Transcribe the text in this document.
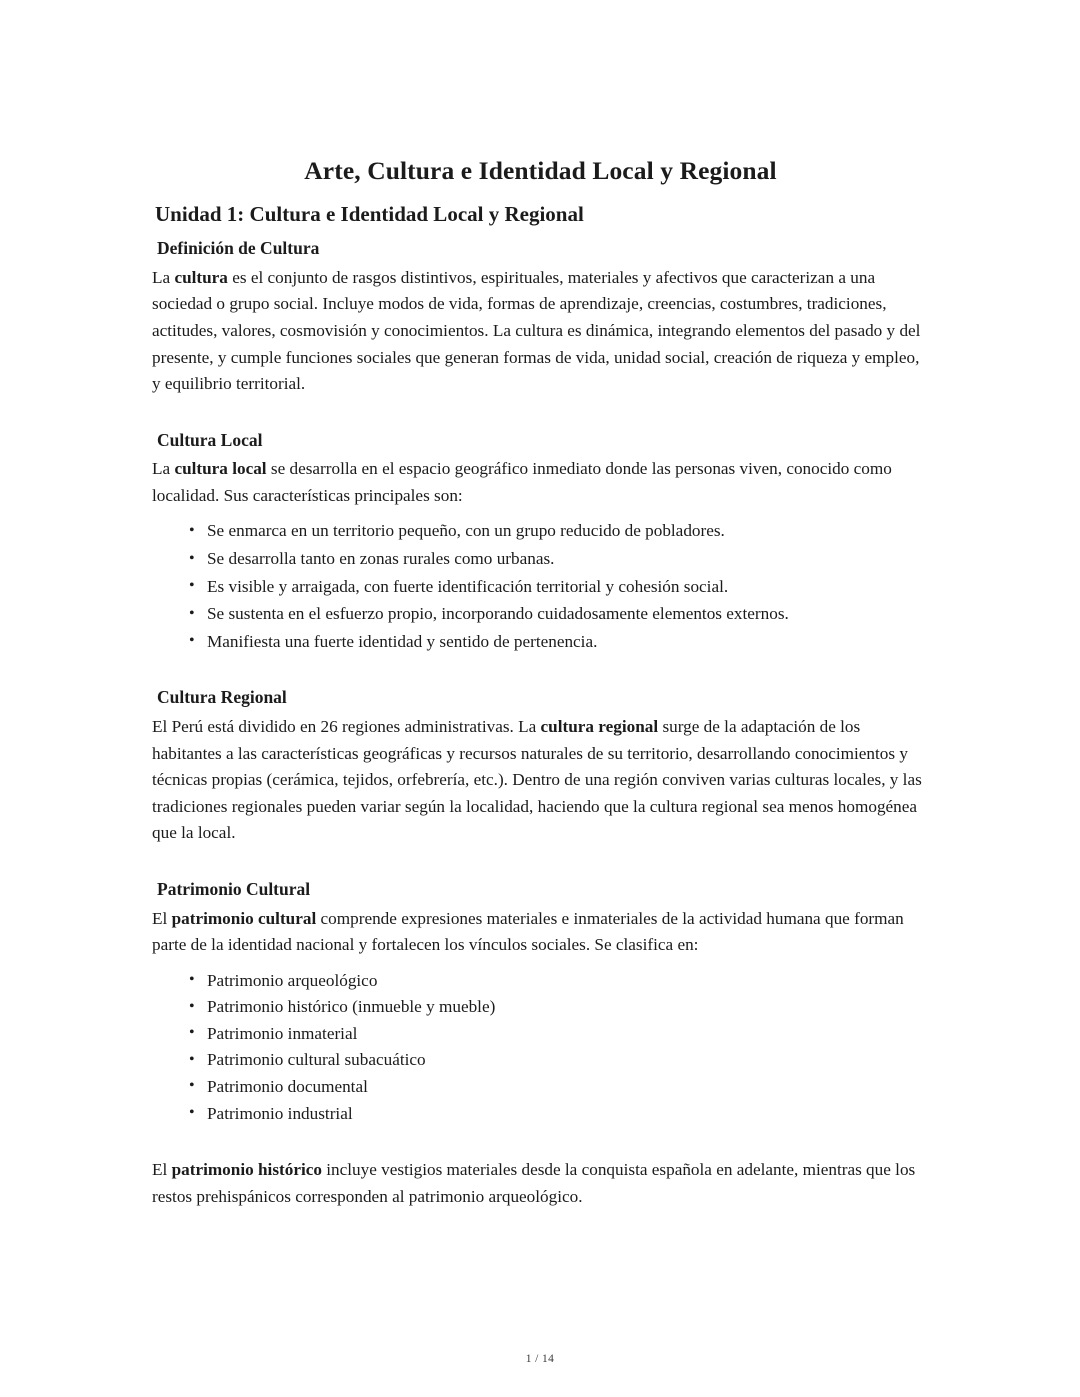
Arte, Cultura e Identidad Local y Regional
Unidad 1: Cultura e Identidad Local y Regional
Definición de Cultura

La cultura es el conjunto de rasgos distintivos, espirituales, materiales y afectivos que caracterizan a una sociedad o grupo social. Incluye modos de vida, formas de aprendizaje, creencias, costumbres, tradiciones, actitudes, valores, cosmovisión y conocimientos. La cultura es dinámica, integrando elementos del pasado y del presente, y cumple funciones sociales que generan formas de vida, unidad social, creación de riqueza y empleo, y equilibrio territorial.

Cultura Local

La cultura local se desarrolla en el espacio geográfico inmediato donde las personas viven, conocido como localidad. Sus características principales son:

• Se enmarca en un territorio pequeño, con un grupo reducido de pobladores.
• Se desarrolla tanto en zonas rurales como urbanas.
• Es visible y arraigada, con fuerte identificación territorial y cohesión social.
• Se sustenta en el esfuerzo propio, incorporando cuidadosamente elementos externos.
• Manifiesta una fuerte identidad y sentido de pertenencia.
Cultura Regional

El Perú está dividido en 26 regiones administrativas. La cultura regional surge de la adaptación de los habitantes a las características geográficas y recursos naturales de su territorio, desarrollando conocimientos y técnicas propias (cerámica, tejidos, orfebrería, etc.). Dentro de una región conviven varias culturas locales, y las tradiciones regionales pueden variar según la localidad, haciendo que la cultura regional sea menos homogénea que la local.

Patrimonio Cultural

El patrimonio cultural comprende expresiones materiales e inmateriales de la actividad humana que forman parte de la identidad nacional y fortalecen los vínculos sociales. Se clasifica en:

• Patrimonio arqueológico
• Patrimonio histórico (inmueble y mueble)
• Patrimonio inmaterial
• Patrimonio cultural subacuático
• Patrimonio documental
• Patrimonio industrial

El patrimonio histórico incluye vestigios materiales desde la conquista española en adelante, mientras que los restos prehispánicos corresponden al patrimonio arqueológico.

1 / 14
